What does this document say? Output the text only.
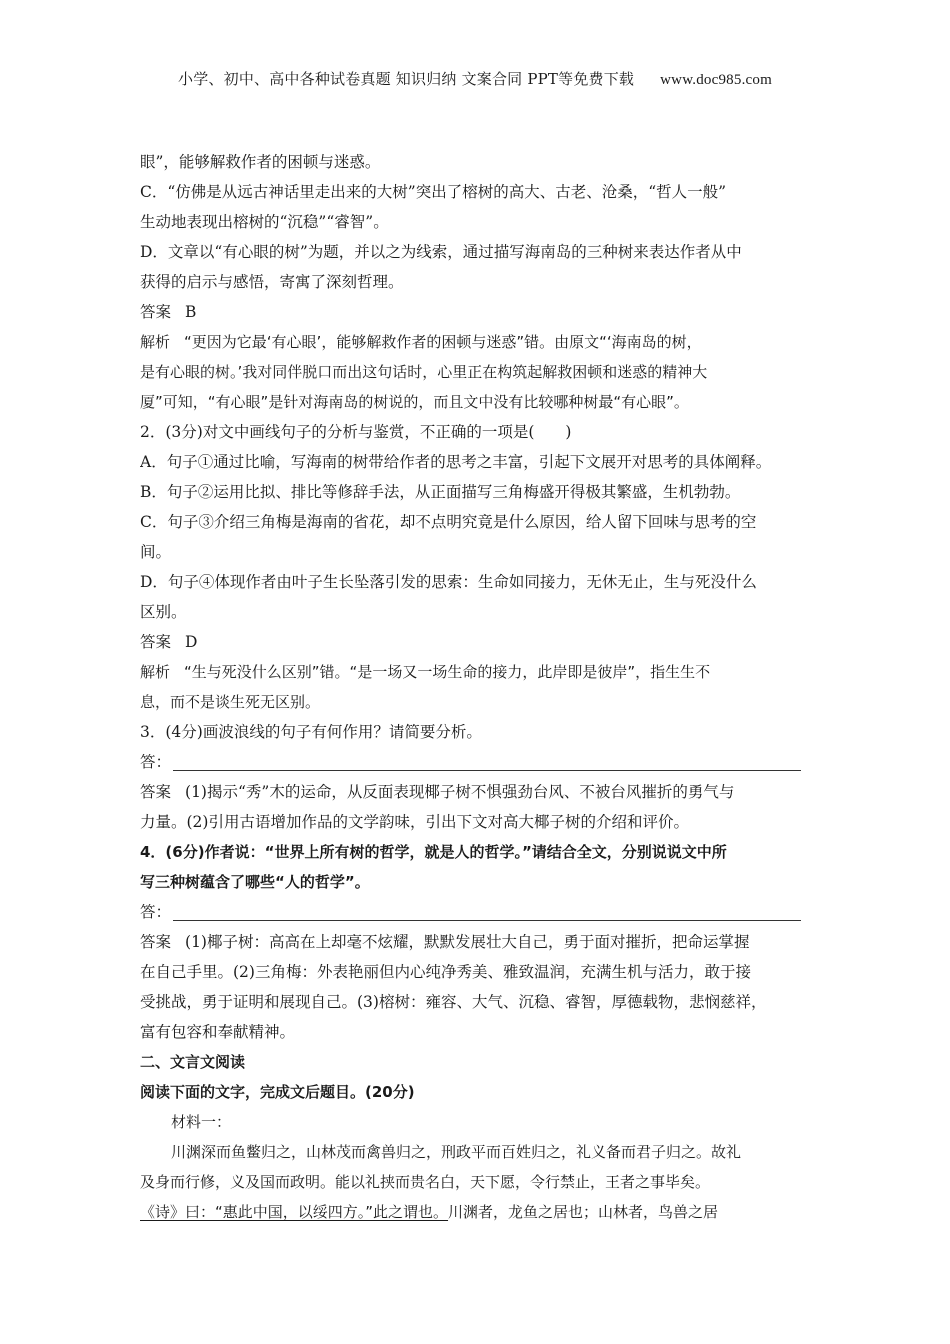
小学、初中、高中各种试卷真题 知识归纳 文案合同 PPT等免费下载 www.doc985.com
眼”，能够解救作者的困顿与迷惑。
C．“仿佛是从远古神话里走出来的大树”突出了榕树的高大、古老、沧桑，“哲人一般”
生动地表现出榕树的“沉稳”“睿智”。
D．文章以“有心眼的树”为题，并以之为线索，通过描写海南岛的三种树来表达作者从中
获得的启示与感悟，寄寓了深刻哲理。
答案 B
解析 “更因为它最‘有心眼’，能够解救作者的困顿与迷惑”错。由原文“‘海南岛的树，
是有心眼的树。’我对同伴脱口而出这句话时，心里正在构筑起解救困顿和迷惑的精神大
厦”可知，“有心眼”是针对海南岛的树说的，而且文中没有比较哪种树最“有心眼”。
2．(3分)对文中画线句子的分析与鉴赏，不正确的一项是(　　)
A．句子①通过比喻，写海南的树带给作者的思考之丰富，引起下文展开对思考的具体阐释。
B．句子②运用比拟、排比等修辞手法，从正面描写三角梅盛开得极其繁盛，生机勃勃。
C．句子③介绍三角梅是海南的省花，却不点明究竟是什么原因，给人留下回味与思考的空
间。
D．句子④体现作者由叶子生长坠落引发的思索：生命如同接力，无休无止，生与死没什么
区别。
答案 D
解析 “生与死没什么区别”错。“是一场又一场生命的接力，此岸即是彼岸”，指生生不
息，而不是谈生死无区别。
3．(4分)画波浪线的句子有何作用？请简要分析。
答：
答案 (1)揭示“秀”木的运命，从反面表现椰子树不惧强劲台风、不被台风摧折的勇气与
力量。(2)引用古语增加作品的文学韵味，引出下文对高大椰子树的介绍和评价。
4．(6分)作者说：“世界上所有树的哲学，就是人的哲学。”请结合全文，分别说说文中所
写三种树蕴含了哪些“人的哲学”。
答：
答案 (1)椰子树：高高在上却毫不炫耀，默默发展壮大自己，勇于面对摧折，把命运掌握
在自己手里。(2)三角梅：外表艳丽但内心纯净秀美、雅致温润，充满生机与活力，敢于接
受挑战，勇于证明和展现自己。(3)榕树：雍容、大气、沉稳、睿智，厚德载物，悲悯慈祥，
富有包容和奉献精神。
二、文言文阅读
阅读下面的文字，完成文后题目。(20分)
材料一：
川渊深而鱼鳖归之，山林茂而禽兽归之，刑政平而百姓归之，礼义备而君子归之。故礼
及身而行修，义及国而政明。能以礼挟而贵名白，天下愿，令行禁止，王者之事毕矣。
《诗》曰：“惠此中国，以绥四方。”此之谓也。川渊者，龙鱼之居也；山林者，鸟兽之居
